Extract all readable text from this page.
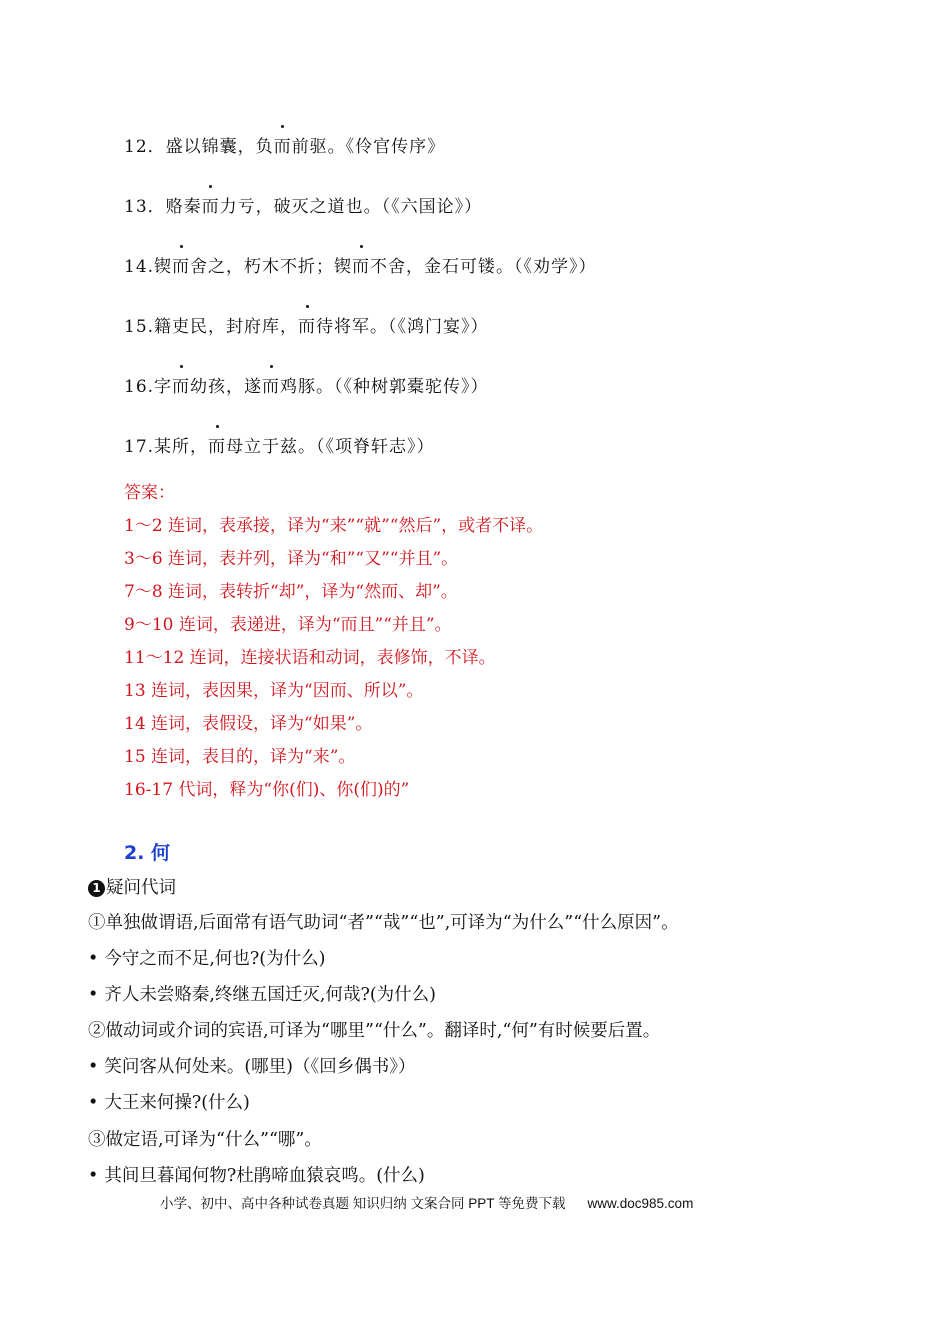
12．盛以锦囊，负而前驱。《伶官传序》
13．赂秦而力亏，破灭之道也。（《六国论》）
14.锲而舍之，朽木不折；锲而不舍，金石可镂。（《劝学》）
15.籍吏民，封府库，而待将军。（《鸿门宴》）
16.字而幼孩，遂而鸡豚。（《种树郭橐驼传》）
17.某所，而母立于兹。（《项脊轩志》）
答案：
1～2 连词，表承接，译为“来”“就”“然后”，或者不译。
3～6 连词，表并列，译为“和”“又”“并且”。
7～8 连词，表转折“却”，译为“然而、却”。
9～10 连词，表递进，译为“而且”“并且”。
11～12 连词，连接状语和动词，表修饰，不译。
13 连词，表因果，译为“因而、所以”。
14 连词，表假设，译为“如果”。
15 连词，表目的，译为“来”。
16-17 代词，释为“你(们)、你(们)的”
2. 何
1 疑问代词
①单独做谓语,后面常有语气助词“者”“哉”“也”,可译为“为什么”“什么原因”。
• 今守之而不足,何也?(为什么)
• 齐人未尝赂秦,终继五国迁灭,何哉?(为什么)
②做动词或介词的宾语,可译为“哪里”“什么”。翻译时,“何”有时候要后置。
• 笑问客从何处来。(哪里)（《回乡偶书》）
• 大王来何操?(什么)
③做定语,可译为“什么”“哪”。
• 其间旦暮闻何物?杜鹃啼血猿哀鸣。(什么)
小学、初中、高中各种试卷真题 知识归纳 文案合同 PPT 等免费下载 www.doc985.com
